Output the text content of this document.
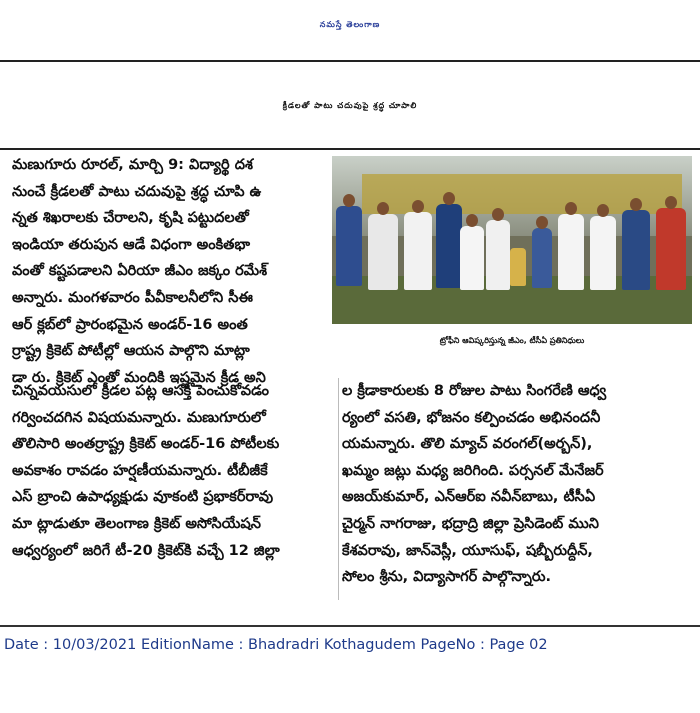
నమస్తే తెలంగాణ
క్రీడలతో పాటు చదువుపై శ్రద్ధ చూపాలి
మణుగూరు రూరల్, మార్చి 9: విద్యార్థి దశ
నుంచే క్రీడలతో పాటు చదువుపై శ్రద్ధ చూపి ఉ
న్నత శిఖరాలకు చేరాలని, కృషి పట్టుదలతో
ఇండియా తరుపున ఆడే విధంగా అంకితభా
వంతో కష్టపడాలని ఏరియా జీఎం జక్కం రమేశ్
అన్నారు. మంగళవారం పీవీకాలనీలోని సీఈ
ఆర్ క్లబ్‌లో ప్రారంభమైన అండర్‌-16 అంత
ర్రాష్ట్ర క్రికెట్ పోటీల్లో ఆయన పాల్గొని మాట్లా
డా రు. క్రికెట్ ఎంతో మందికి ఇష్టమైన క్రీడ అని
ట్రోఫీని ఆవిష్కరిస్తున్న జీఎం, టీసీఏ ప్రతినిధులు
చిన్నవయసులో క్రీడల పట్ల ఆసక్తి పెంచుకోవడం
గర్వించదగిన విషయమన్నారు. మణుగూరులో
తొలిసారి అంతర్రాష్ట్ర క్రికెట్ అండర్‌-16 పోటీలకు
అవకాశం రావడం హర్షణీయమన్నారు. టీబీజీకే
ఎస్ బ్రాంచి ఉపాధ్యక్షుడు వూకంటి ప్రభాకర్‌రావు
మా ట్లాడుతూ తెలంగాణ క్రికెట్ అసోసియేషన్
ఆధ్వర్యంలో జరిగే టీ-20 క్రికెట్‌కి వచ్చే 12 జిల్లా
ల క్రీడాకారులకు 8 రోజుల పాటు సింగరేణి ఆధ్వ
ర్యంలో వసతి, భోజనం కల్పించడం అభినందనీ
యమన్నారు. తొలి మ్యాచ్ వరంగల్(అర్బన్),
ఖమ్మం జట్లు మధ్య జరిగింది. పర్సనల్ మేనేజర్
అజయ్‌కుమార్, ఎన్‌ఆర్‌ఐ నవీన్‌బాబు, టీసీఏ
చైర్మన్ నాగరాజు, భద్రాద్రి జిల్లా ప్రెసిడెంట్ ముని
కేశవరావు, జాన్‌వెస్లీ, యూసుఫ్, షబ్బీరుద్దీన్,
సోలం శ్రీను, విద్యాసాగర్ పాల్గొన్నారు.
Date : 10/03/2021 EditionName : Bhadradri Kothagudem PageNo : Page 02
